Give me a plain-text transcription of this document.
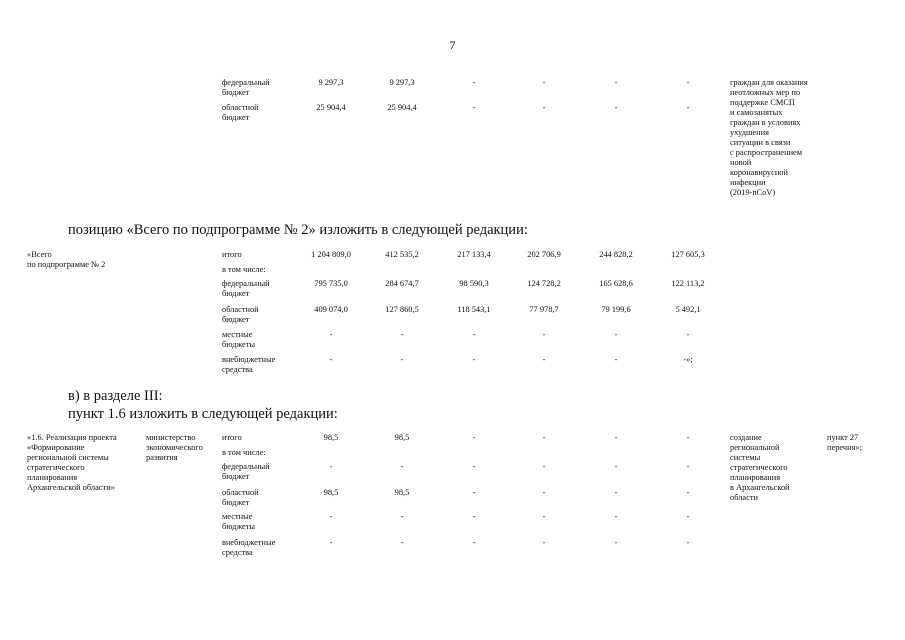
7
федеральный
бюджет
9 297,3	9 297,3	-	-	-	-
областной
бюджет
25 904,4	25 904,4	-	-	-	-
граждан для оказания
неотложных мер по
поддержке СМСП
и самозанятых
граждан в условиях
ухудшения
ситуации в связи
с распространением
новой
коронавирусной
инфекции
(2019-nCoV)
позицию «Всего по подпрограмме № 2» изложить в следующей редакции:
«Всего
по подпрограмме № 2
итого	1 204 809,0	412 535,2	217 133,4	202 706,9	244 828,2	127 605,3
в том числе:
федеральный
бюджет
795 735,0	284 674,7	98 590,3	124 728,2	165 628,6	122 113,2
областной
бюджет
409 074,0	127 860,5	118 543,1	77 978,7	79 199,6	5 492,1
местные
бюджеты
-	-	-	-	-	-
внебюджетные
средства
-	-	-	-	-	-»;
в) в разделе III:
пункт 1.6 изложить в следующей редакции:
«1.6. Реализация проекта
«Формирование
региональной системы
стратегического
планирования
Архангельской области»
министерство
экономического
развития
итого	98,5	98,5	-	-	-	-
в том числе:
федеральный
бюджет
-	-	-	-	-	-
областной
бюджет
98,5	98,5	-	-	-	-
местные
бюджеты
-	-	-	-	-	-
внебюджетные
средства
-	-	-	-	-	-
создание
региональной
системы
стратегического
планирования
в Архангельской
области
пункт 27
перечня»;
